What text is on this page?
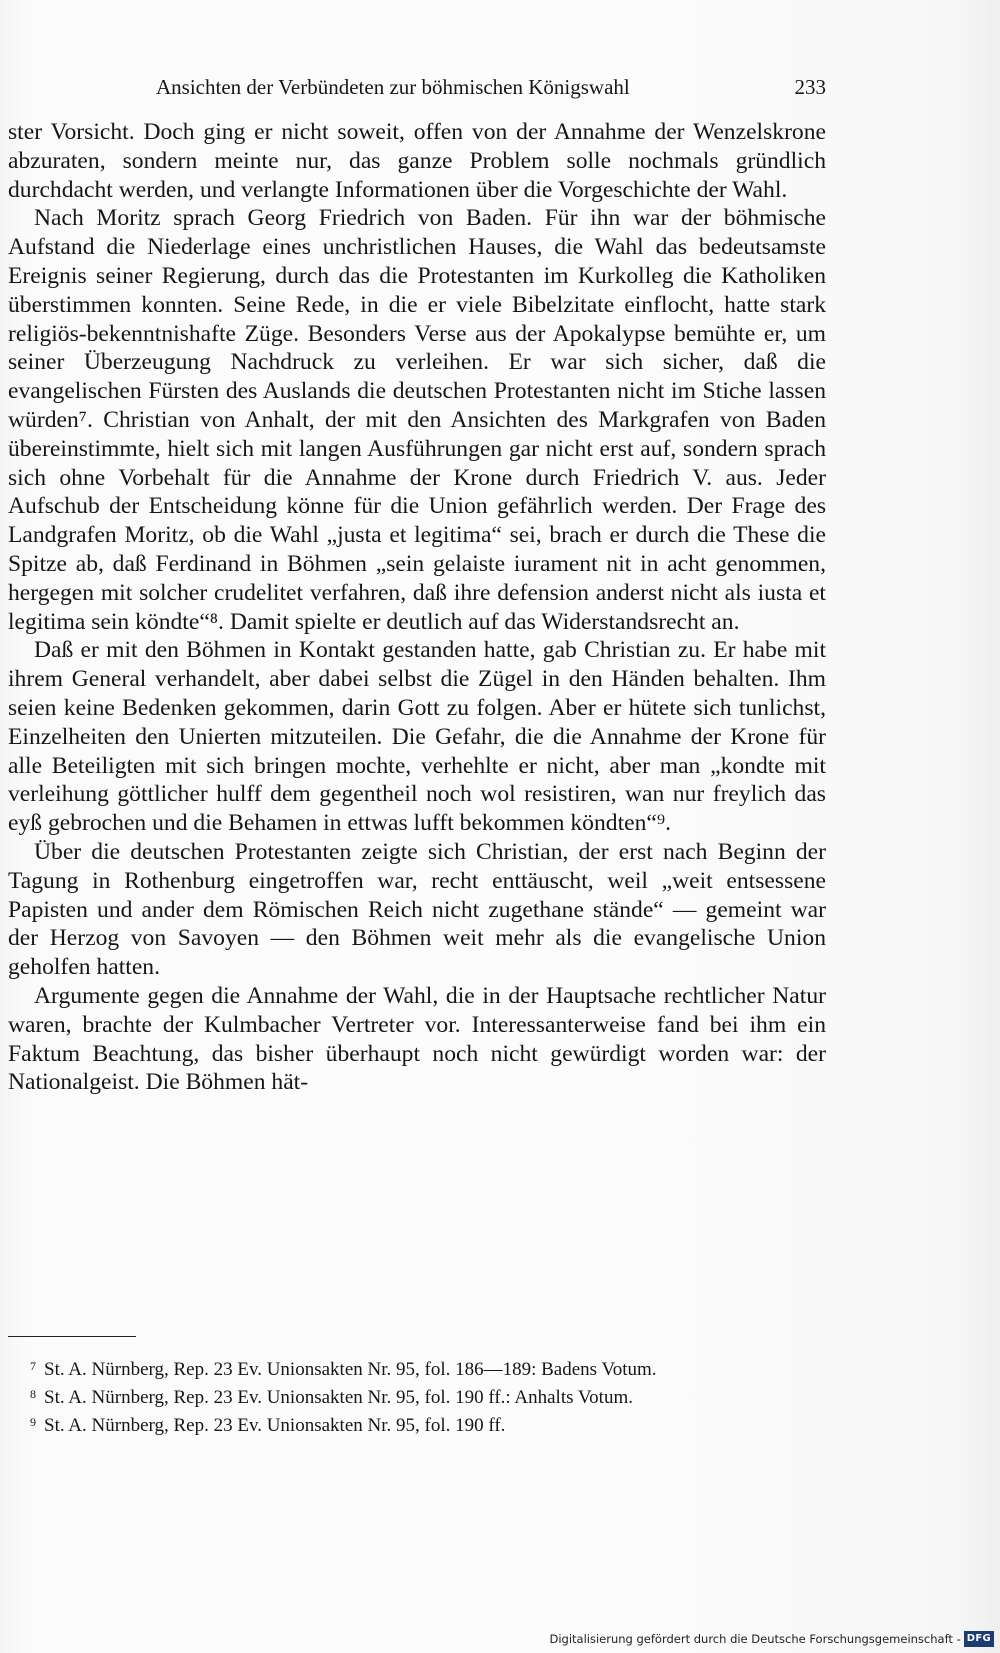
Ansichten der Verbündeten zur böhmischen Königswahl	233

ster Vorsicht. Doch ging er nicht soweit, offen von der Annahme der Wenzelskrone abzuraten, sondern meinte nur, das ganze Problem solle nochmals gründlich durchdacht werden, und verlangte Informationen über die Vorgeschichte der Wahl.

Nach Moritz sprach Georg Friedrich von Baden. Für ihn war der böhmische Aufstand die Niederlage eines unchristlichen Hauses, die Wahl das bedeutsamste Ereignis seiner Regierung, durch das die Protestanten im Kurkolleg die Katholiken überstimmen konnten. Seine Rede, in die er viele Bibelzitate einflocht, hatte stark religiös-bekenntnishafte Züge. Besonders Verse aus der Apokalypse bemühte er, um seiner Überzeugung Nachdruck zu verleihen. Er war sich sicher, daß die evangelischen Fürsten des Auslands die deutschen Protestanten nicht im Stiche lassen würden⁷. Christian von Anhalt, der mit den Ansichten des Markgrafen von Baden übereinstimmte, hielt sich mit langen Ausführungen gar nicht erst auf, sondern sprach sich ohne Vorbehalt für die Annahme der Krone durch Friedrich V. aus. Jeder Aufschub der Entscheidung könne für die Union gefährlich werden. Der Frage des Landgrafen Moritz, ob die Wahl „justa et legitima“ sei, brach er durch die These die Spitze ab, daß Ferdinand in Böhmen „sein gelaiste iurament nit in acht genommen, hergegen mit solcher crudelitet verfahren, daß ihre defension anderst nicht als iusta et legitima sein köndte“⁸. Damit spielte er deutlich auf das Widerstandsrecht an.

Daß er mit den Böhmen in Kontakt gestanden hatte, gab Christian zu. Er habe mit ihrem General verhandelt, aber dabei selbst die Zügel in den Händen behalten. Ihm seien keine Bedenken gekommen, darin Gott zu folgen. Aber er hütete sich tunlichst, Einzelheiten den Unierten mitzuteilen. Die Gefahr, die die Annahme der Krone für alle Beteiligten mit sich bringen mochte, verhehlte er nicht, aber man „kondte mit verleihung göttlicher hulff dem gegentheil noch wol resistiren, wan nur freylich das eyß gebrochen und die Behamen in ettwas lufft bekommen köndten“⁹.

Über die deutschen Protestanten zeigte sich Christian, der erst nach Beginn der Tagung in Rothenburg eingetroffen war, recht enttäuscht, weil „weit entsessene Papisten und ander dem Römischen Reich nicht zugethane stände“ — gemeint war der Herzog von Savoyen — den Böhmen weit mehr als die evangelische Union geholfen hatten.

Argumente gegen die Annahme der Wahl, die in der Hauptsache rechtlicher Natur waren, brachte der Kulmbacher Vertreter vor. Interessanterweise fand bei ihm ein Faktum Beachtung, das bisher überhaupt noch nicht gewürdigt worden war: der Nationalgeist. Die Böhmen hät-

$^7$ St. A. Nürnberg, Rep. 23 Ev. Unionsakten Nr. 95, fol. 186—189: Badens Votum.
$^8$ St. A. Nürnberg, Rep. 23 Ev. Unionsakten Nr. 95, fol. 190 ff.: Anhalts Votum.
$^9$ St. A. Nürnberg, Rep. 23 Ev. Unionsakten Nr. 95, fol. 190 ff.
Digitalisierung gefördert durch die Deutsche Forschungsgemeinschaft - DFG
